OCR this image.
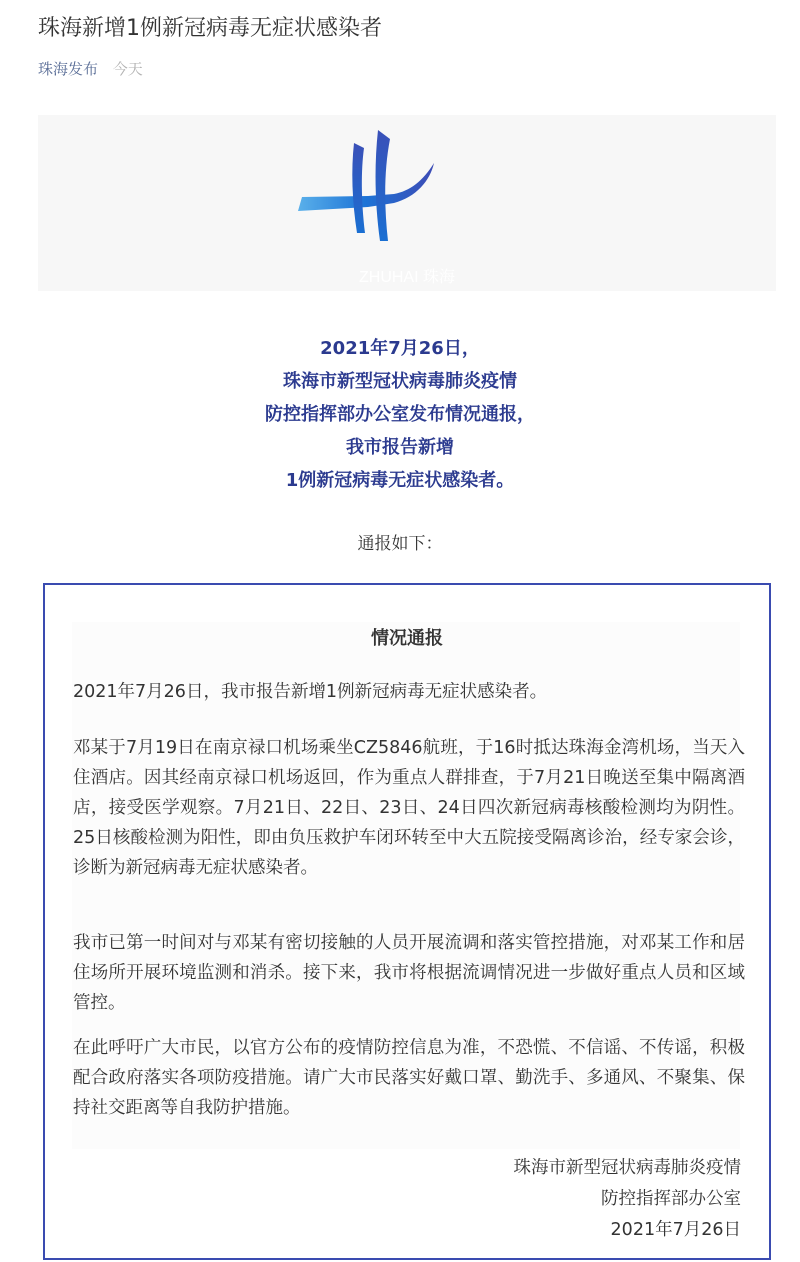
珠海新增1例新冠病毒无症状感染者
珠海发布 今天
ZHUHAI 珠海
2021年7月26日，
珠海市新型冠状病毒肺炎疫情
防控指挥部办公室发布情况通报，
我市报告新增
1例新冠病毒无症状感染者。
通报如下：
情况通报

2021年7月26日，我市报告新增1例新冠病毒无症状感染者。

邓某于7月19日在南京禄口机场乘坐CZ5846航班，于16时抵达珠海金湾机场，当天入住酒店。因其经南京禄口机场返回，作为重点人群排查，于7月21日晚送至集中隔离酒店，接受医学观察。7月21日、22日、23日、24日四次新冠病毒核酸检测均为阴性。25日核酸检测为阳性，即由负压救护车闭环转至中大五院接受隔离诊治，经专家会诊，诊断为新冠病毒无症状感染者。

我市已第一时间对与邓某有密切接触的人员开展流调和落实管控措施，对邓某工作和居住场所开展环境监测和消杀。接下来，我市将根据流调情况进一步做好重点人员和区域管控。

在此呼吁广大市民，以官方公布的疫情防控信息为准，不恐慌、不信谣、不传谣，积极配合政府落实各项防疫措施。请广大市民落实好戴口罩、勤洗手、多通风、不聚集、保持社交距离等自我防护措施。

珠海市新型冠状病毒肺炎疫情
防控指挥部办公室
2021年7月26日
